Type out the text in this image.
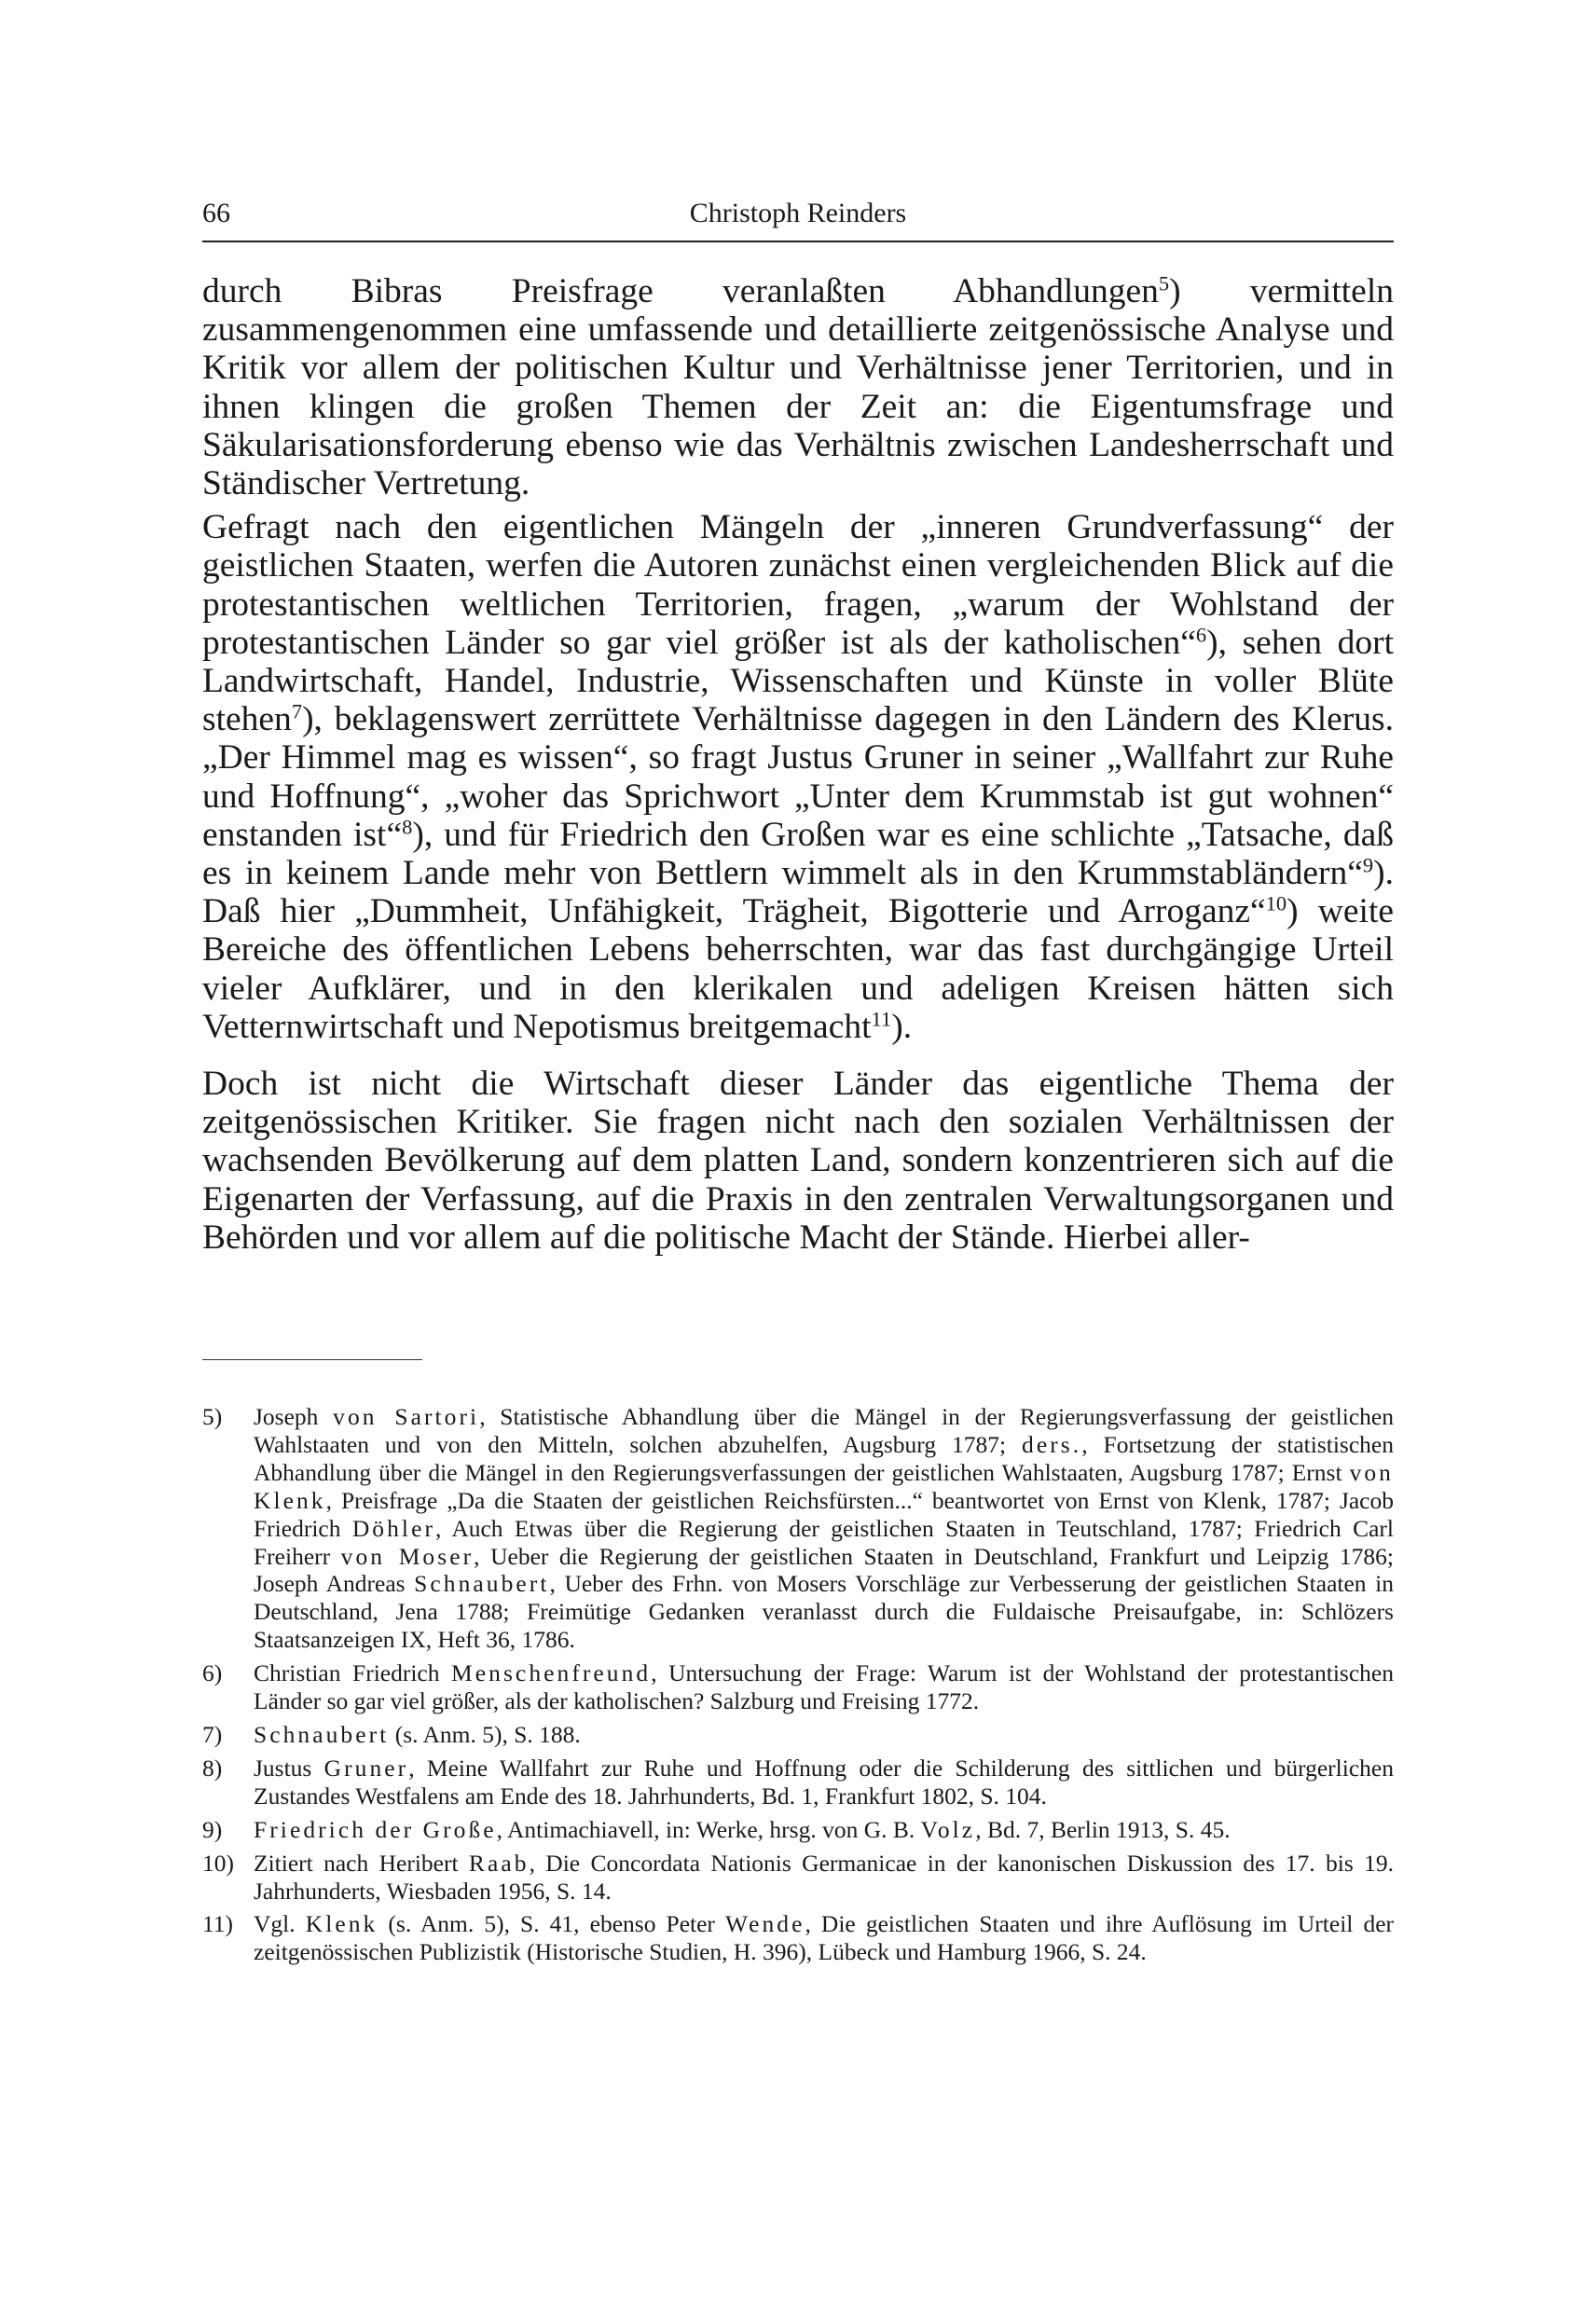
66	Christoph Reinders

durch Bibras Preisfrage veranlaßten Abhandlungen$^5$) vermitteln zusammengenommen eine umfassende und detaillierte zeitgenössische Analyse und Kritik vor allem der politischen Kultur und Verhältnisse jener Territorien, und in ihnen klingen die großen Themen der Zeit an: die Eigentumsfrage und Säkularisationsforderung ebenso wie das Verhältnis zwischen Landesherrschaft und Ständischer Vertretung.

Gefragt nach den eigentlichen Mängeln der „inneren Grundverfassung“ der geistlichen Staaten, werfen die Autoren zunächst einen vergleichenden Blick auf die protestantischen weltlichen Territorien, fragen, „warum der Wohlstand der protestantischen Länder so gar viel größer ist als der katholischen“$^6$), sehen dort Landwirtschaft, Handel, Industrie, Wissenschaften und Künste in voller Blüte stehen$^7$), beklagenswert zerrüttete Verhältnisse dagegen in den Ländern des Klerus. „Der Himmel mag es wissen“, so fragt Justus Gruner in seiner „Wallfahrt zur Ruhe und Hoffnung“, „woher das Sprichwort „Unter dem Krummstab ist gut wohnen“ enstanden ist“$^8$), und für Friedrich den Großen war es eine schlichte „Tatsache, daß es in keinem Lande mehr von Bettlern wimmelt als in den Krummstabländern“$^9$). Daß hier „Dummheit, Unfähigkeit, Trägheit, Bigotterie und Arroganz“$^{10}$) weite Bereiche des öffentlichen Lebens beherrschten, war das fast durchgängige Urteil vieler Aufklärer, und in den klerikalen und adeligen Kreisen hätten sich Vetternwirtschaft und Nepotismus breitgemacht$^{11}$).

Doch ist nicht die Wirtschaft dieser Länder das eigentliche Thema der zeitgenössischen Kritiker. Sie fragen nicht nach den sozialen Verhältnissen der wachsenden Bevölkerung auf dem platten Land, sondern konzentrieren sich auf die Eigenarten der Verfassung, auf die Praxis in den zentralen Verwaltungsorganen und Behörden und vor allem auf die politische Macht der Stände. Hierbei aller-

5) Joseph von Sartori, Statistische Abhandlung über die Mängel in der Regierungsverfassung der geistlichen Wahlstaaten und von den Mitteln, solchen abzuhelfen, Augsburg 1787; ders., Fortsetzung der statistischen Abhandlung über die Mängel in den Regierungsverfassungen der geistlichen Wahlstaaten, Augsburg 1787; Ernst von Klenk, Preisfrage „Da die Staaten der geistlichen Reichsfürsten...“ beantwortet von Ernst von Klenk, 1787; Jacob Friedrich Döhler, Auch Etwas über die Regierung der geistlichen Staaten in Teutschland, 1787; Friedrich Carl Freiherr von Moser, Ueber die Regierung der geistlichen Staaten in Deutschland, Frankfurt und Leipzig 1786; Joseph Andreas Schnaubert, Ueber des Frhn. von Mosers Vorschläge zur Verbesserung der geistlichen Staaten in Deutschland, Jena 1788; Freimütige Gedanken veranlasst durch die Fuldaische Preisaufgabe, in: Schlözers Staatsanzeigen IX, Heft 36, 1786.
6) Christian Friedrich Menschenfreund, Untersuchung der Frage: Warum ist der Wohlstand der protestantischen Länder so gar viel größer, als der katholischen? Salzburg und Freising 1772.
7) Schnaubert (s. Anm. 5), S. 188.
8) Justus Gruner, Meine Wallfahrt zur Ruhe und Hoffnung oder die Schilderung des sittlichen und bürgerlichen Zustandes Westfalens am Ende des 18. Jahrhunderts, Bd. 1, Frankfurt 1802, S. 104.
9) Friedrich der Große, Antimachiavell, in: Werke, hrsg. von G. B. Volz, Bd. 7, Berlin 1913, S. 45.
10) Zitiert nach Heribert Raab, Die Concordata Nationis Germanicae in der kanonischen Diskussion des 17. bis 19. Jahrhunderts, Wiesbaden 1956, S. 14.
11) Vgl. Klenk (s. Anm. 5), S. 41, ebenso Peter Wende, Die geistlichen Staaten und ihre Auflösung im Urteil der zeitgenössischen Publizistik (Historische Studien, H. 396), Lübeck und Hamburg 1966, S. 24.
